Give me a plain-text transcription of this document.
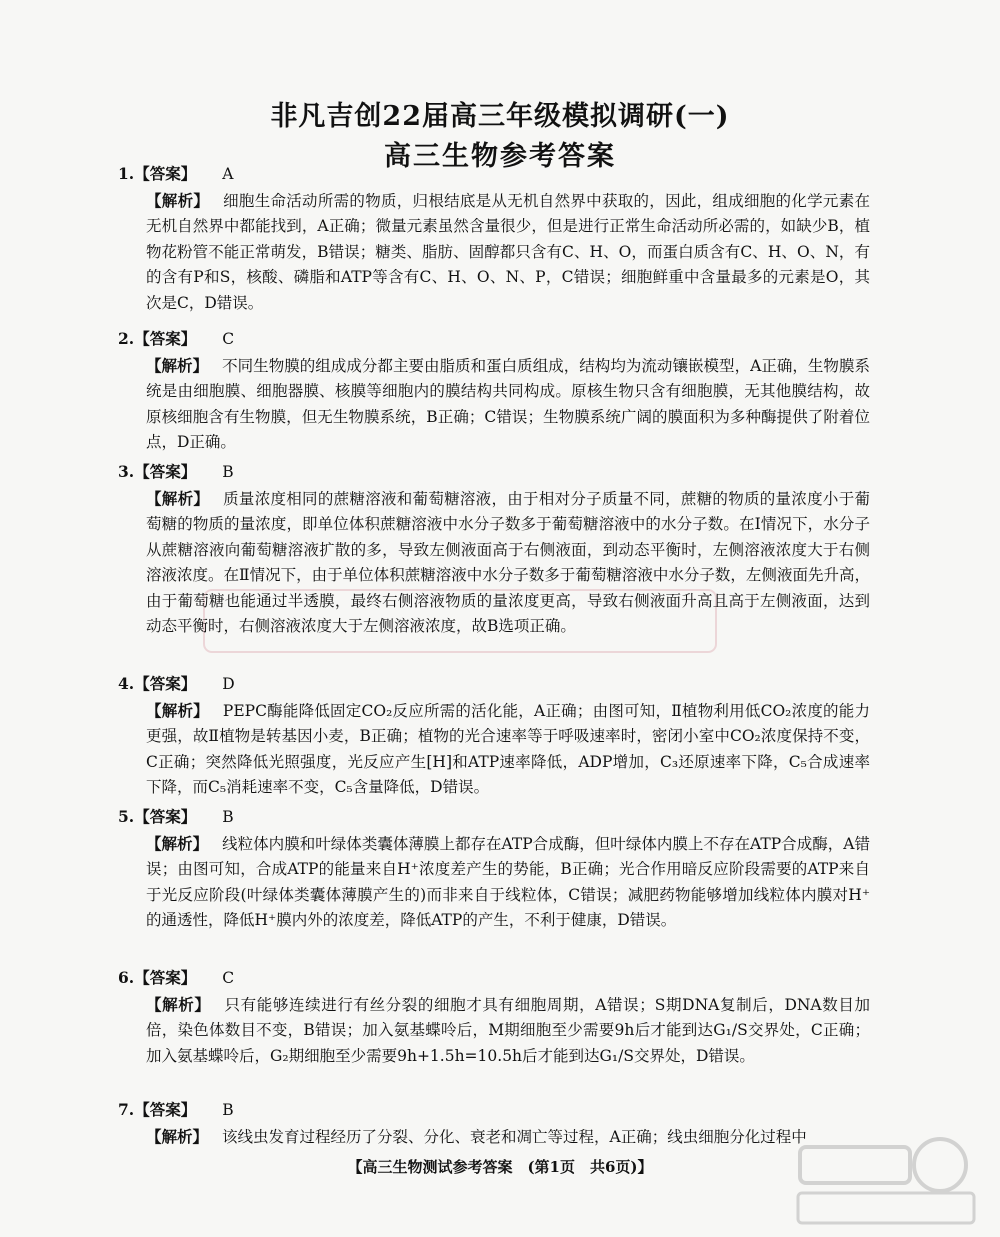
非凡吉创22届高三年级模拟调研(一)
高三生物参考答案
1.【答案】 A
【解析】 细胞生命活动所需的物质，归根结底是从无机自然界中获取的，因此，组成细胞的化学元素在无机自然界中都能找到，A正确；微量元素虽然含量很少，但是进行正常生命活动所必需的，如缺少B，植物花粉管不能正常萌发，B错误；糖类、脂肪、固醇都只含有C、H、O，而蛋白质含有C、H、O、N，有的含有P和S，核酸、磷脂和ATP等含有C、H、O、N、P，C错误；细胞鲜重中含量最多的元素是O，其次是C，D错误。
2.【答案】 C
【解析】 不同生物膜的组成成分都主要由脂质和蛋白质组成，结构均为流动镶嵌模型，A正确，生物膜系统是由细胞膜、细胞器膜、核膜等细胞内的膜结构共同构成。原核生物只含有细胞膜，无其他膜结构，故原核细胞含有生物膜，但无生物膜系统，B正确；C错误；生物膜系统广阔的膜面积为多种酶提供了附着位点，D正确。
3.【答案】 B
【解析】 质量浓度相同的蔗糖溶液和葡萄糖溶液，由于相对分子质量不同，蔗糖的物质的量浓度小于葡萄糖的物质的量浓度，即单位体积蔗糖溶液中水分子数多于葡萄糖溶液中的水分子数。在Ⅰ情况下，水分子从蔗糖溶液向葡萄糖溶液扩散的多，导致左侧液面高于右侧液面，到动态平衡时，左侧溶液浓度大于右侧溶液浓度。在Ⅱ情况下，由于单位体积蔗糖溶液中水分子数多于葡萄糖溶液中水分子数，左侧液面先升高，由于葡萄糖也能通过半透膜，最终右侧溶液物质的量浓度更高，导致右侧液面升高且高于左侧液面，达到动态平衡时，右侧溶液浓度大于左侧溶液浓度，故B选项正确。
4.【答案】 D
【解析】 PEPC酶能降低固定CO₂反应所需的活化能，A正确；由图可知，Ⅱ植物利用低CO₂浓度的能力更强，故Ⅱ植物是转基因小麦，B正确；植物的光合速率等于呼吸速率时，密闭小室中CO₂浓度保持不变，C正确；突然降低光照强度，光反应产生[H]和ATP速率降低，ADP增加，C₃还原速率下降，C₅合成速率下降，而C₅消耗速率不变，C₅含量降低，D错误。
5.【答案】 B
【解析】 线粒体内膜和叶绿体类囊体薄膜上都存在ATP合成酶，但叶绿体内膜上不存在ATP合成酶，A错误；由图可知，合成ATP的能量来自H⁺浓度差产生的势能，B正确；光合作用暗反应阶段需要的ATP来自于光反应阶段(叶绿体类囊体薄膜产生的)而非来自于线粒体，C错误；减肥药物能够增加线粒体内膜对H⁺的通透性，降低H⁺膜内外的浓度差，降低ATP的产生，不利于健康，D错误。
6.【答案】 C
【解析】 只有能够连续进行有丝分裂的细胞才具有细胞周期，A错误；S期DNA复制后，DNA数目加倍，染色体数目不变，B错误；加入氨基蝶呤后，M期细胞至少需要9h后才能到达G₁/S交界处，C正确；加入氨基蝶呤后，G₂期细胞至少需要9h+1.5h=10.5h后才能到达G₁/S交界处，D错误。
7.【答案】 B
【解析】 该线虫发育过程经历了分裂、分化、衰老和凋亡等过程，A正确；线虫细胞分化过程中
【高三生物测试参考答案　(第1页　共6页)】
